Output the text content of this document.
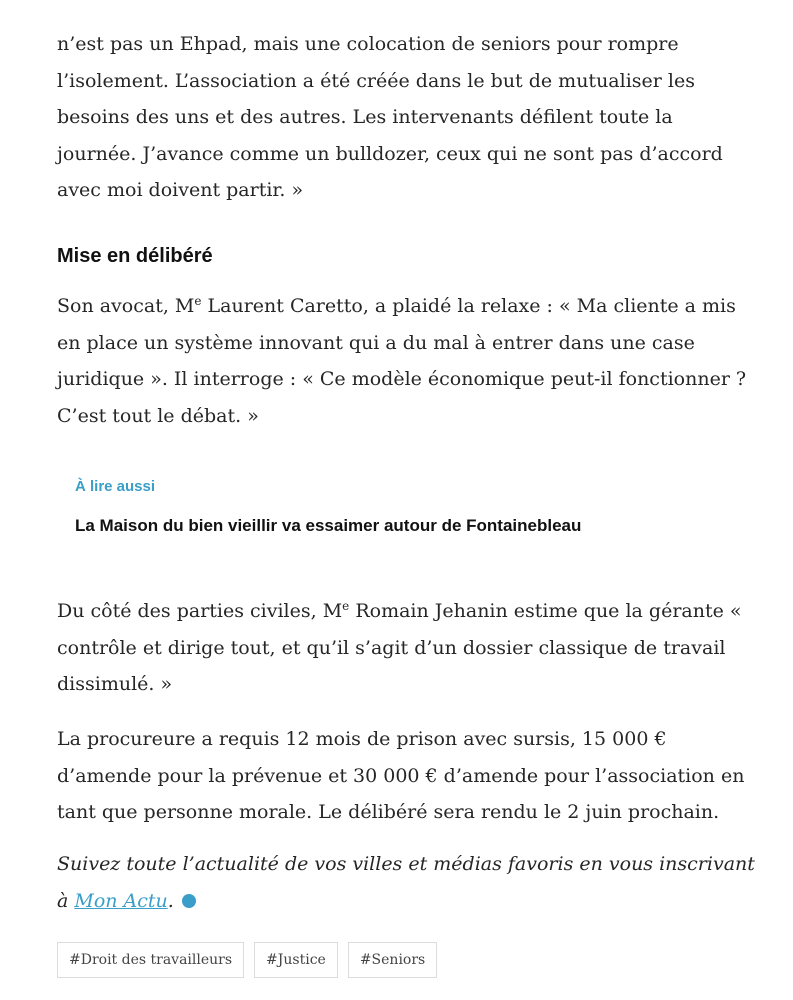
n’est pas un Ehpad, mais une colocation de seniors pour rompre l’isolement. L’association a été créée dans le but de mutualiser les besoins des uns et des autres. Les intervenants défilent toute la journée. J’avance comme un bulldozer, ceux qui ne sont pas d’accord avec moi doivent partir. »

Mise en délibéré

Son avocat, Me Laurent Caretto, a plaidé la relaxe : « Ma cliente a mis en place un système innovant qui a du mal à entrer dans une case juridique ». Il interroge : « Ce modèle économique peut-il fonctionner ? C’est tout le débat. »

À lire aussi
La Maison du bien vieillir va essaimer autour de Fontainebleau

Du côté des parties civiles, Me Romain Jehanin estime que la gérante « contrôle et dirige tout, et qu’il s’agit d’un dossier classique de travail dissimulé. »

La procureure a requis 12 mois de prison avec sursis, 15 000 € d’amende pour la prévenue et 30 000 € d’amende pour l’association en tant que personne morale. Le délibéré sera rendu le 2 juin prochain.

Suivez toute l’actualité de vos villes et médias favoris en vous inscrivant à Mon Actu.

#Droit des travailleurs	#Justice	#Seniors
